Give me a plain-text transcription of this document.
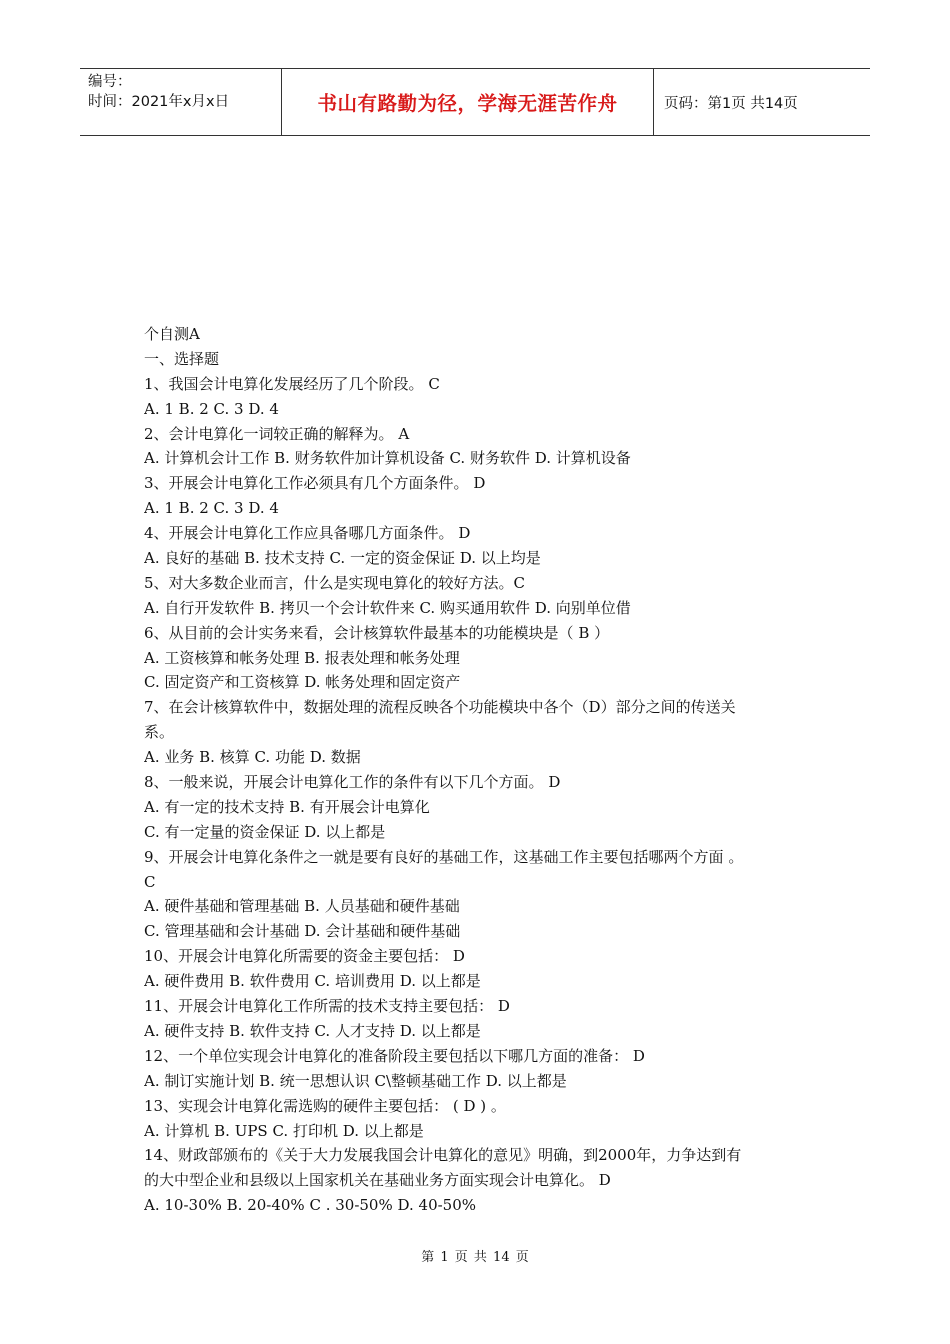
编号：
时间：2021年x月x日	书山有路勤为径，学海无涯苦作舟	页码：第1页 共14页
个自测A
一、选择题
1、我国会计电算化发展经历了几个阶段。 C
A. 1 B. 2 C. 3 D. 4
2、会计电算化一词较正确的解释为。 A
A. 计算机会计工作 B. 财务软件加计算机设备 C. 财务软件 D. 计算机设备
3、开展会计电算化工作必须具有几个方面条件。 D
A. 1 B. 2 C. 3 D. 4
4、开展会计电算化工作应具备哪几方面条件。 D
A. 良好的基础 B. 技术支持 C. 一定的资金保证 D. 以上均是
5、对大多数企业而言，什么是实现电算化的较好方法。C
A. 自行开发软件 B. 拷贝一个会计软件来 C. 购买通用软件 D. 向别单位借
6、从目前的会计实务来看，会计核算软件最基本的功能模块是（ B ）
A. 工资核算和帐务处理 B. 报表处理和帐务处理
C. 固定资产和工资核算 D. 帐务处理和固定资产
7、在会计核算软件中，数据处理的流程反映各个功能模块中各个（D）部分之间的传送关
系。
A. 业务 B. 核算 C. 功能 D. 数据
8、一般来说，开展会计电算化工作的条件有以下几个方面。 D
A. 有一定的技术支持 B. 有开展会计电算化
C. 有一定量的资金保证 D. 以上都是
9、开展会计电算化条件之一就是要有良好的基础工作，这基础工作主要包括哪两个方面 。
C
A. 硬件基础和管理基础 B. 人员基础和硬件基础
C. 管理基础和会计基础 D. 会计基础和硬件基础
10、开展会计电算化所需要的资金主要包括： D
A. 硬件费用 B. 软件费用 C. 培训费用 D. 以上都是
11、开展会计电算化工作所需的技术支持主要包括： D
A. 硬件支持 B. 软件支持 C. 人才支持 D. 以上都是
12、一个单位实现会计电算化的准备阶段主要包括以下哪几方面的准备： D
A. 制订实施计划 B. 统一思想认识 C\整顿基础工作 D. 以上都是
13、实现会计电算化需选购的硬件主要包括： ( D ) 。
A. 计算机 B. UPS C. 打印机 D. 以上都是
14、财政部颁布的《关于大力发展我国会计电算化的意见》明确，到2000年，力争达到有
的大中型企业和县级以上国家机关在基础业务方面实现会计电算化。 D
A. 10-30% B. 20-40% C . 30-50% D. 40-50%
第 1 页 共 14 页
